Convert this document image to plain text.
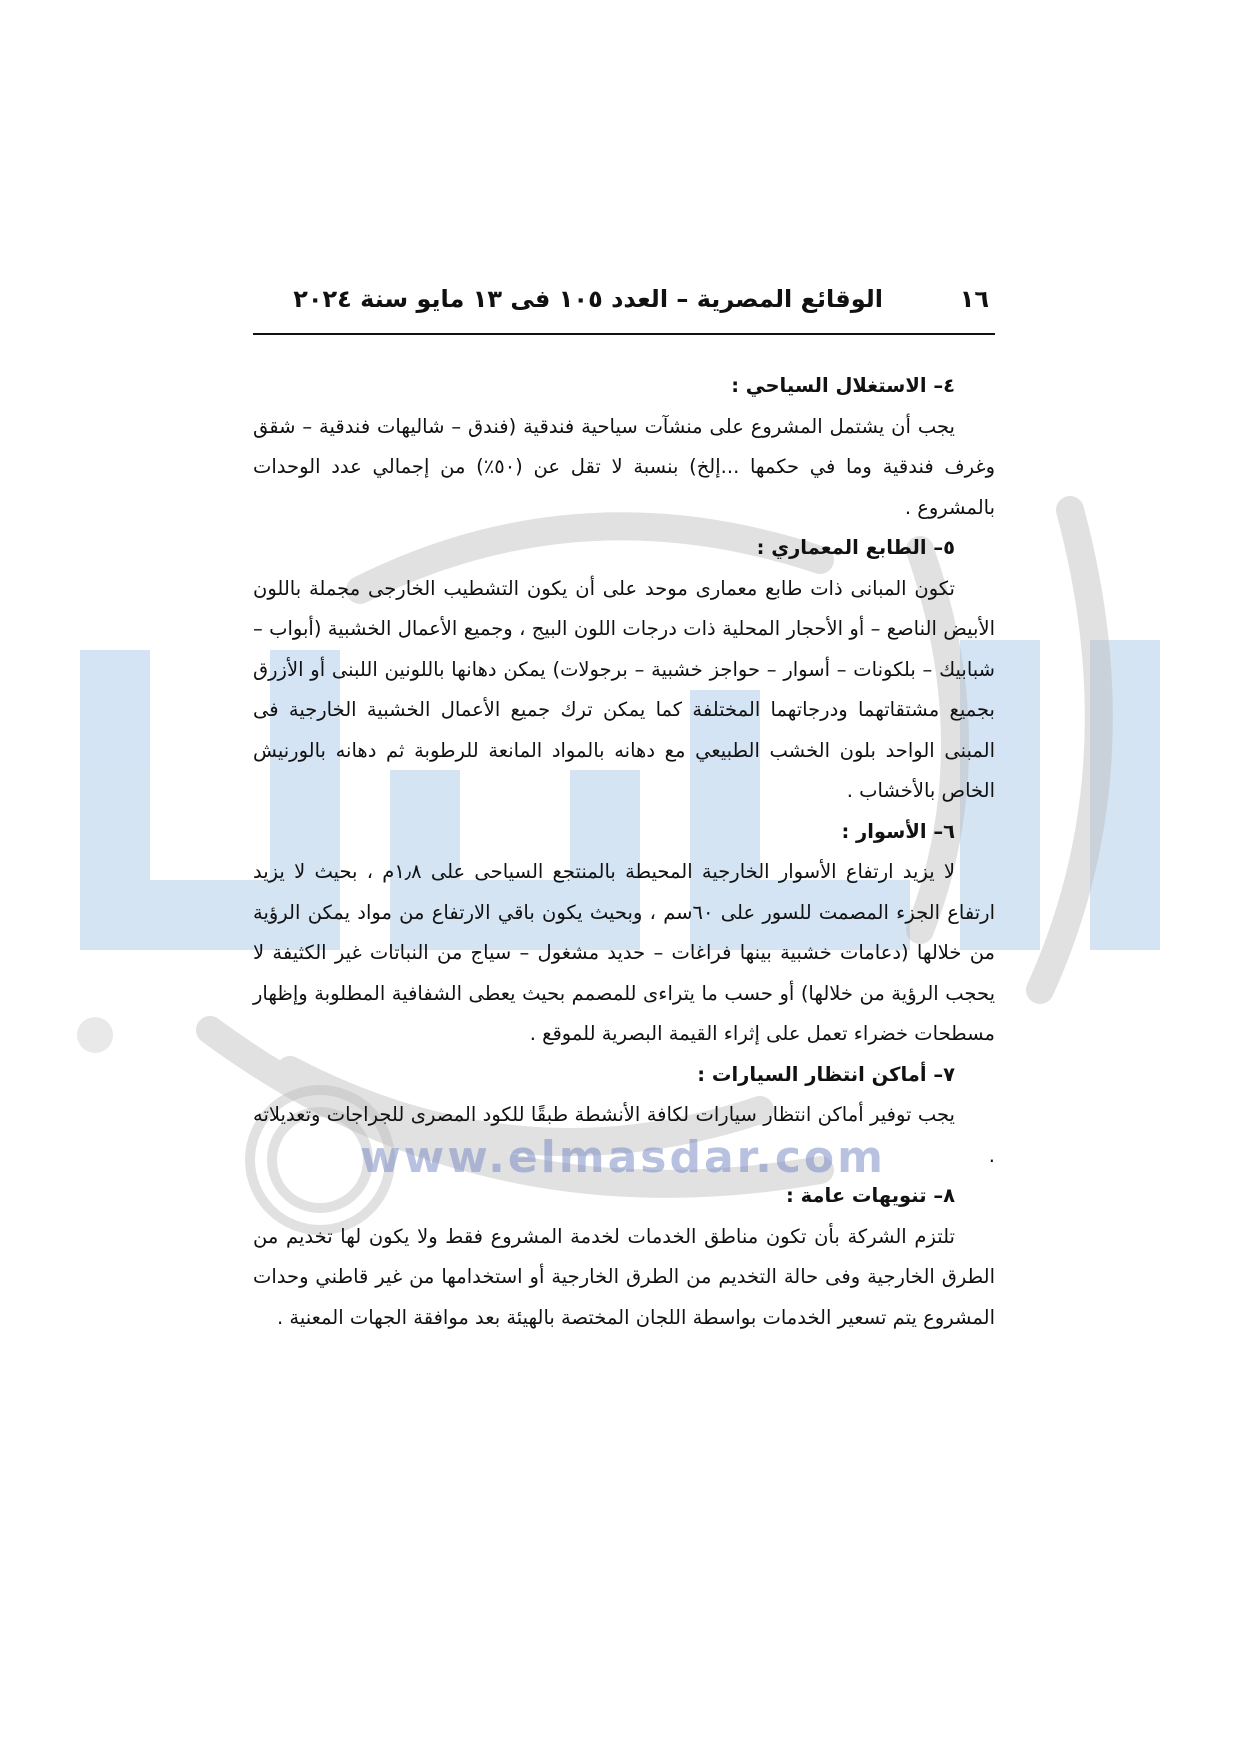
www.elmasdar.com
١٦
الوقائع المصرية – العدد ١٠٥ فى ١٣ مايو سنة ٢٠٢٤

٤– الاستغلال السياحي :

يجب أن يشتمل المشروع على منشآت سياحية فندقية (فندق – شاليهات فندقية – شقق وغرف فندقية وما في حكمها ...إلخ) بنسبة لا تقل عن (٥٠٪) من إجمالي عدد الوحدات بالمشروع .

٥– الطابع المعماري :

تكون المبانى ذات طابع معمارى موحد على أن يكون التشطيب الخارجى مجملة باللون الأبيض الناصع – أو الأحجار المحلية ذات درجات اللون البيج ، وجميع الأعمال الخشبية (أبواب – شبابيك – بلكونات – أسوار – حواجز خشبية – برجولات) يمكن دهانها باللونين اللبنى أو الأزرق بجميع مشتقاتهما ودرجاتهما المختلفة كما يمكن ترك جميع الأعمال الخشبية الخارجية فى المبنى الواحد بلون الخشب الطبيعي مع دهانه بالمواد المانعة للرطوبة ثم دهانه بالورنيش الخاص بالأخشاب .

٦– الأسوار :

لا يزيد ارتفاع الأسوار الخارجية المحيطة بالمنتجع السياحى على ١٫٨م ، بحيث لا يزيد ارتفاع الجزء المصمت للسور على ٦٠سم ، وبحيث يكون باقي الارتفاع من مواد يمكن الرؤية من خلالها (دعامات خشبية بينها فراغات – حديد مشغول – سياج من النباتات غير الكثيفة لا يحجب الرؤية من خلالها) أو حسب ما يتراءى للمصمم بحيث يعطى الشفافية المطلوبة وإظهار مسطحات خضراء تعمل على إثراء القيمة البصرية للموقع .

٧– أماكن انتظار السيارات :

يجب توفير أماكن انتظار سيارات لكافة الأنشطة طبقًا للكود المصرى للجراجات وتعديلاته .

٨– تنويهات عامة :

تلتزم الشركة بأن تكون مناطق الخدمات لخدمة المشروع فقط ولا يكون لها تخديم من الطرق الخارجية وفى حالة التخديم من الطرق الخارجية أو استخدامها من غير قاطني وحدات المشروع يتم تسعير الخدمات بواسطة اللجان المختصة بالهيئة بعد موافقة الجهات المعنية .
